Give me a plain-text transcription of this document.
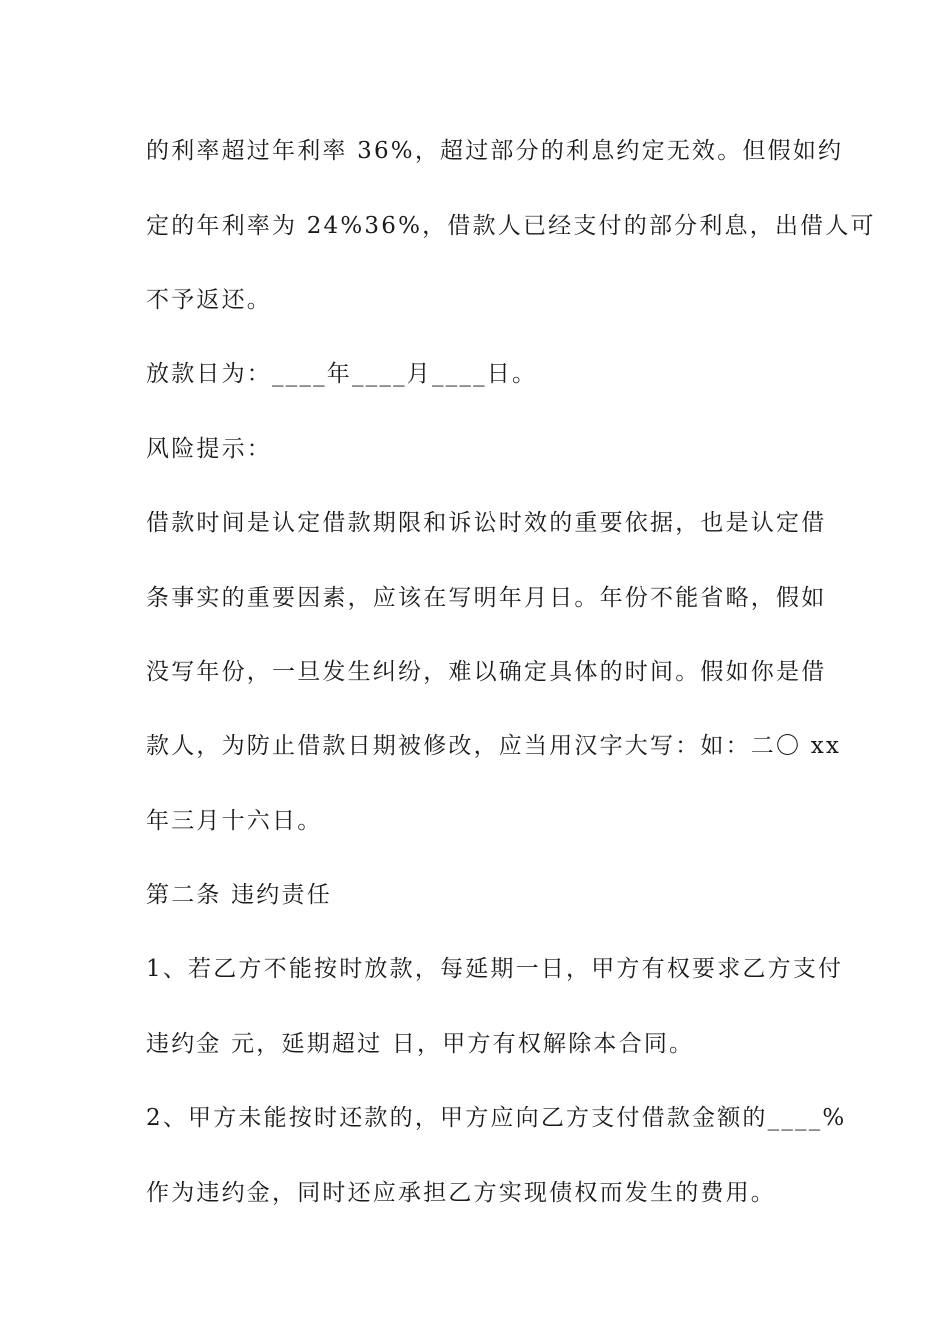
的利率超过年利率 36%，超过部分的利息约定无效。但假如约
定的年利率为 24%36%，借款人已经支付的部分利息，出借人可
不予返还。
放款日为：____年____月____日。
风险提示：
借款时间是认定借款期限和诉讼时效的重要依据，也是认定借
条事实的重要因素，应该在写明年月日。年份不能省略，假如
没写年份，一旦发生纠纷，难以确定具体的时间。假如你是借
款人，为防止借款日期被修改，应当用汉字大写：如：二〇 xx
年三月十六日。
第二条 违约责任
1、若乙方不能按时放款，每延期一日，甲方有权要求乙方支付
违约金 元，延期超过 日，甲方有权解除本合同。
2、甲方未能按时还款的，甲方应向乙方支付借款金额的____%
作为违约金，同时还应承担乙方实现债权而发生的费用。
